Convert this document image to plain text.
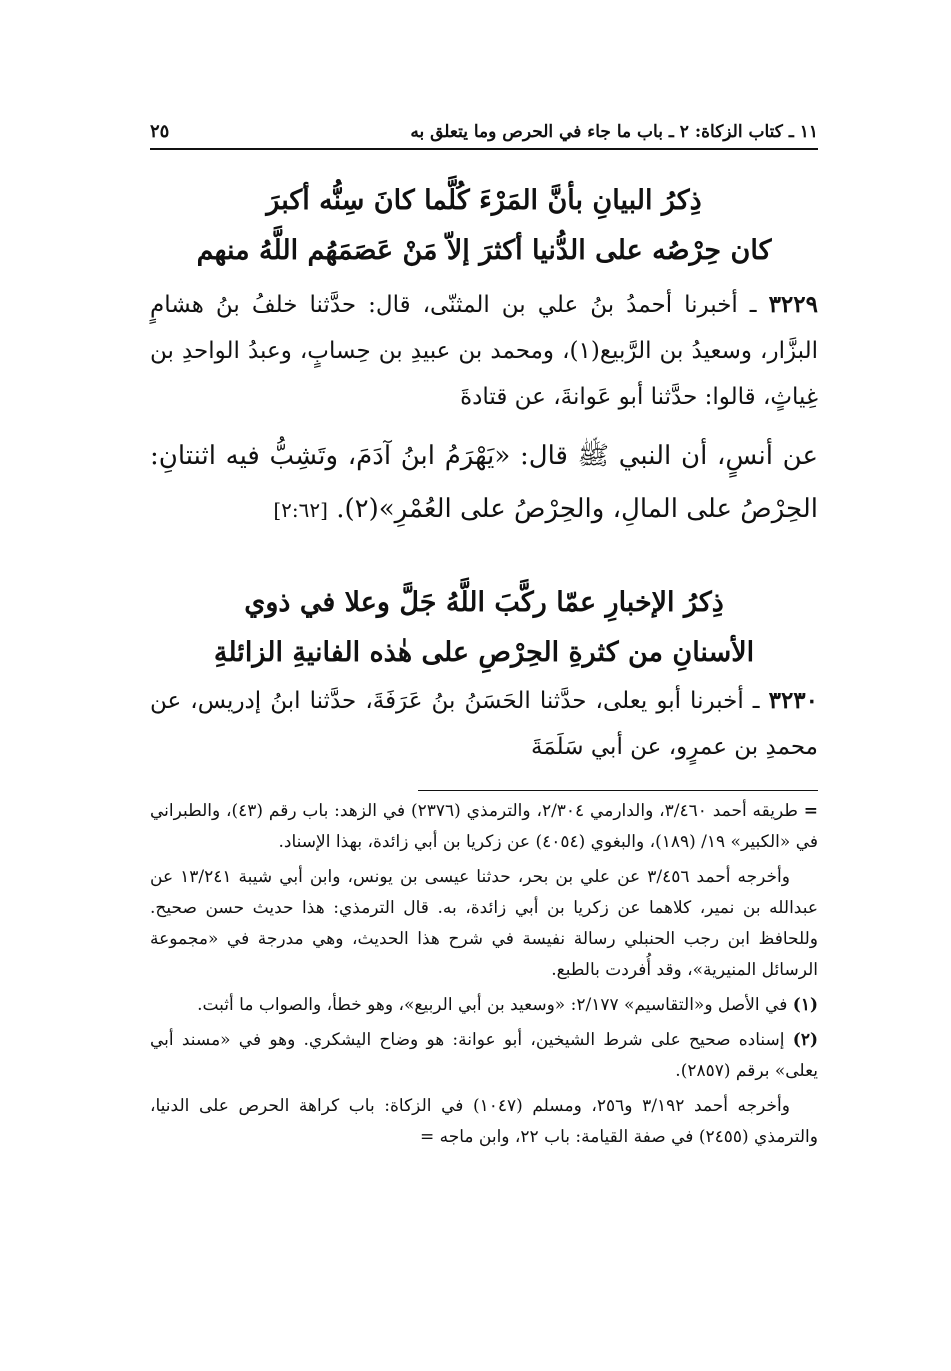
١١ ـ كتاب الزكاة: ٢ ـ باب ما جاء في الحرص وما يتعلق به
٢٥
ذِكرُ البيانِ بأنَّ المَرْءَ كُلَّما كانَ سِنُّه أكبرَ
كان حِرْصُه على الدُّنيا أكثرَ إلاّ مَنْ عَصَمَهُم اللَّهُ منهم
٣٢٢٩ ـ أخبرنا أحمدُ بنُ علي بن المثنّى، قال: حدَّثنا خلفُ بنُ هشامٍ البزَّار، وسعيدُ بن الرَّبيع(١)، ومحمد بن عبيدِ بن حِسابٍ، وعبدُ الواحدِ بن غِياثٍ، قالوا: حدَّثنا أبو عَوانةَ، عن قتادةَ
عن أنسٍ، أن النبي ﷺ قال: «يَهْرَمُ ابنُ آدَمَ، وتَشِبُّ فيه اثنتانِ: الحِرْصُ على المالِ، والحِرْصُ على العُمْرِ»(٢). [٢:٦٢]
ذِكرُ الإخبارِ عمّا ركَّبَ اللَّهُ جَلَّ وعلا في ذوي
الأسنانِ من كثرةِ الحِرْصِ على هٰذه الفانيةِ الزائلةِ
٣٢٣٠ ـ أخبرنا أبو يعلى، حدَّثنا الحَسَنُ بنُ عَرَفَةَ، حدَّثنا ابنُ إدريس، عن محمدِ بن عمرٍو، عن أبي سَلَمَةَ

= طريقه أحمد ٣/٤٦٠، والدارمي ٢/٣٠٤، والترمذي (٢٣٧٦) في الزهد: باب رقم (٤٣)، والطبراني في «الكبير» ١٩/ (١٨٩)، والبغوي (٤٠٥٤) عن زكريا بن أبي زائدة، بهذا الإسناد.

وأخرجه أحمد ٣/٤٥٦ عن علي بن بحر، حدثنا عيسى بن يونس، وابن أبي شيبة ١٣/٢٤١ عن عبدالله بن نمير، كلاهما عن زكريا بن أبي زائدة، به. قال الترمذي: هذا حديث حسن صحيح. وللحافظ ابن رجب الحنبلي رسالة نفيسة في شرح هذا الحديث، وهي مدرجة في «مجموعة الرسائل المنيرية»، وقد أُفردت بالطبع.

(١) في الأصل و«التقاسيم» ٢/١٧٧: «وسعيد بن أبي الربيع»، وهو خطأ، والصواب ما أثبت.

(٢) إسناده صحيح على شرط الشيخين، أبو عوانة: هو وضاح اليشكري. وهو في «مسند أبي يعلى» برقم (٢٨٥٧).

وأخرجه أحمد ٣/١٩٢ و٢٥٦، ومسلم (١٠٤٧) في الزكاة: باب كراهة الحرص على الدنيا، والترمذي (٢٤٥٥) في صفة القيامة: باب ٢٢، وابن ماجه =
